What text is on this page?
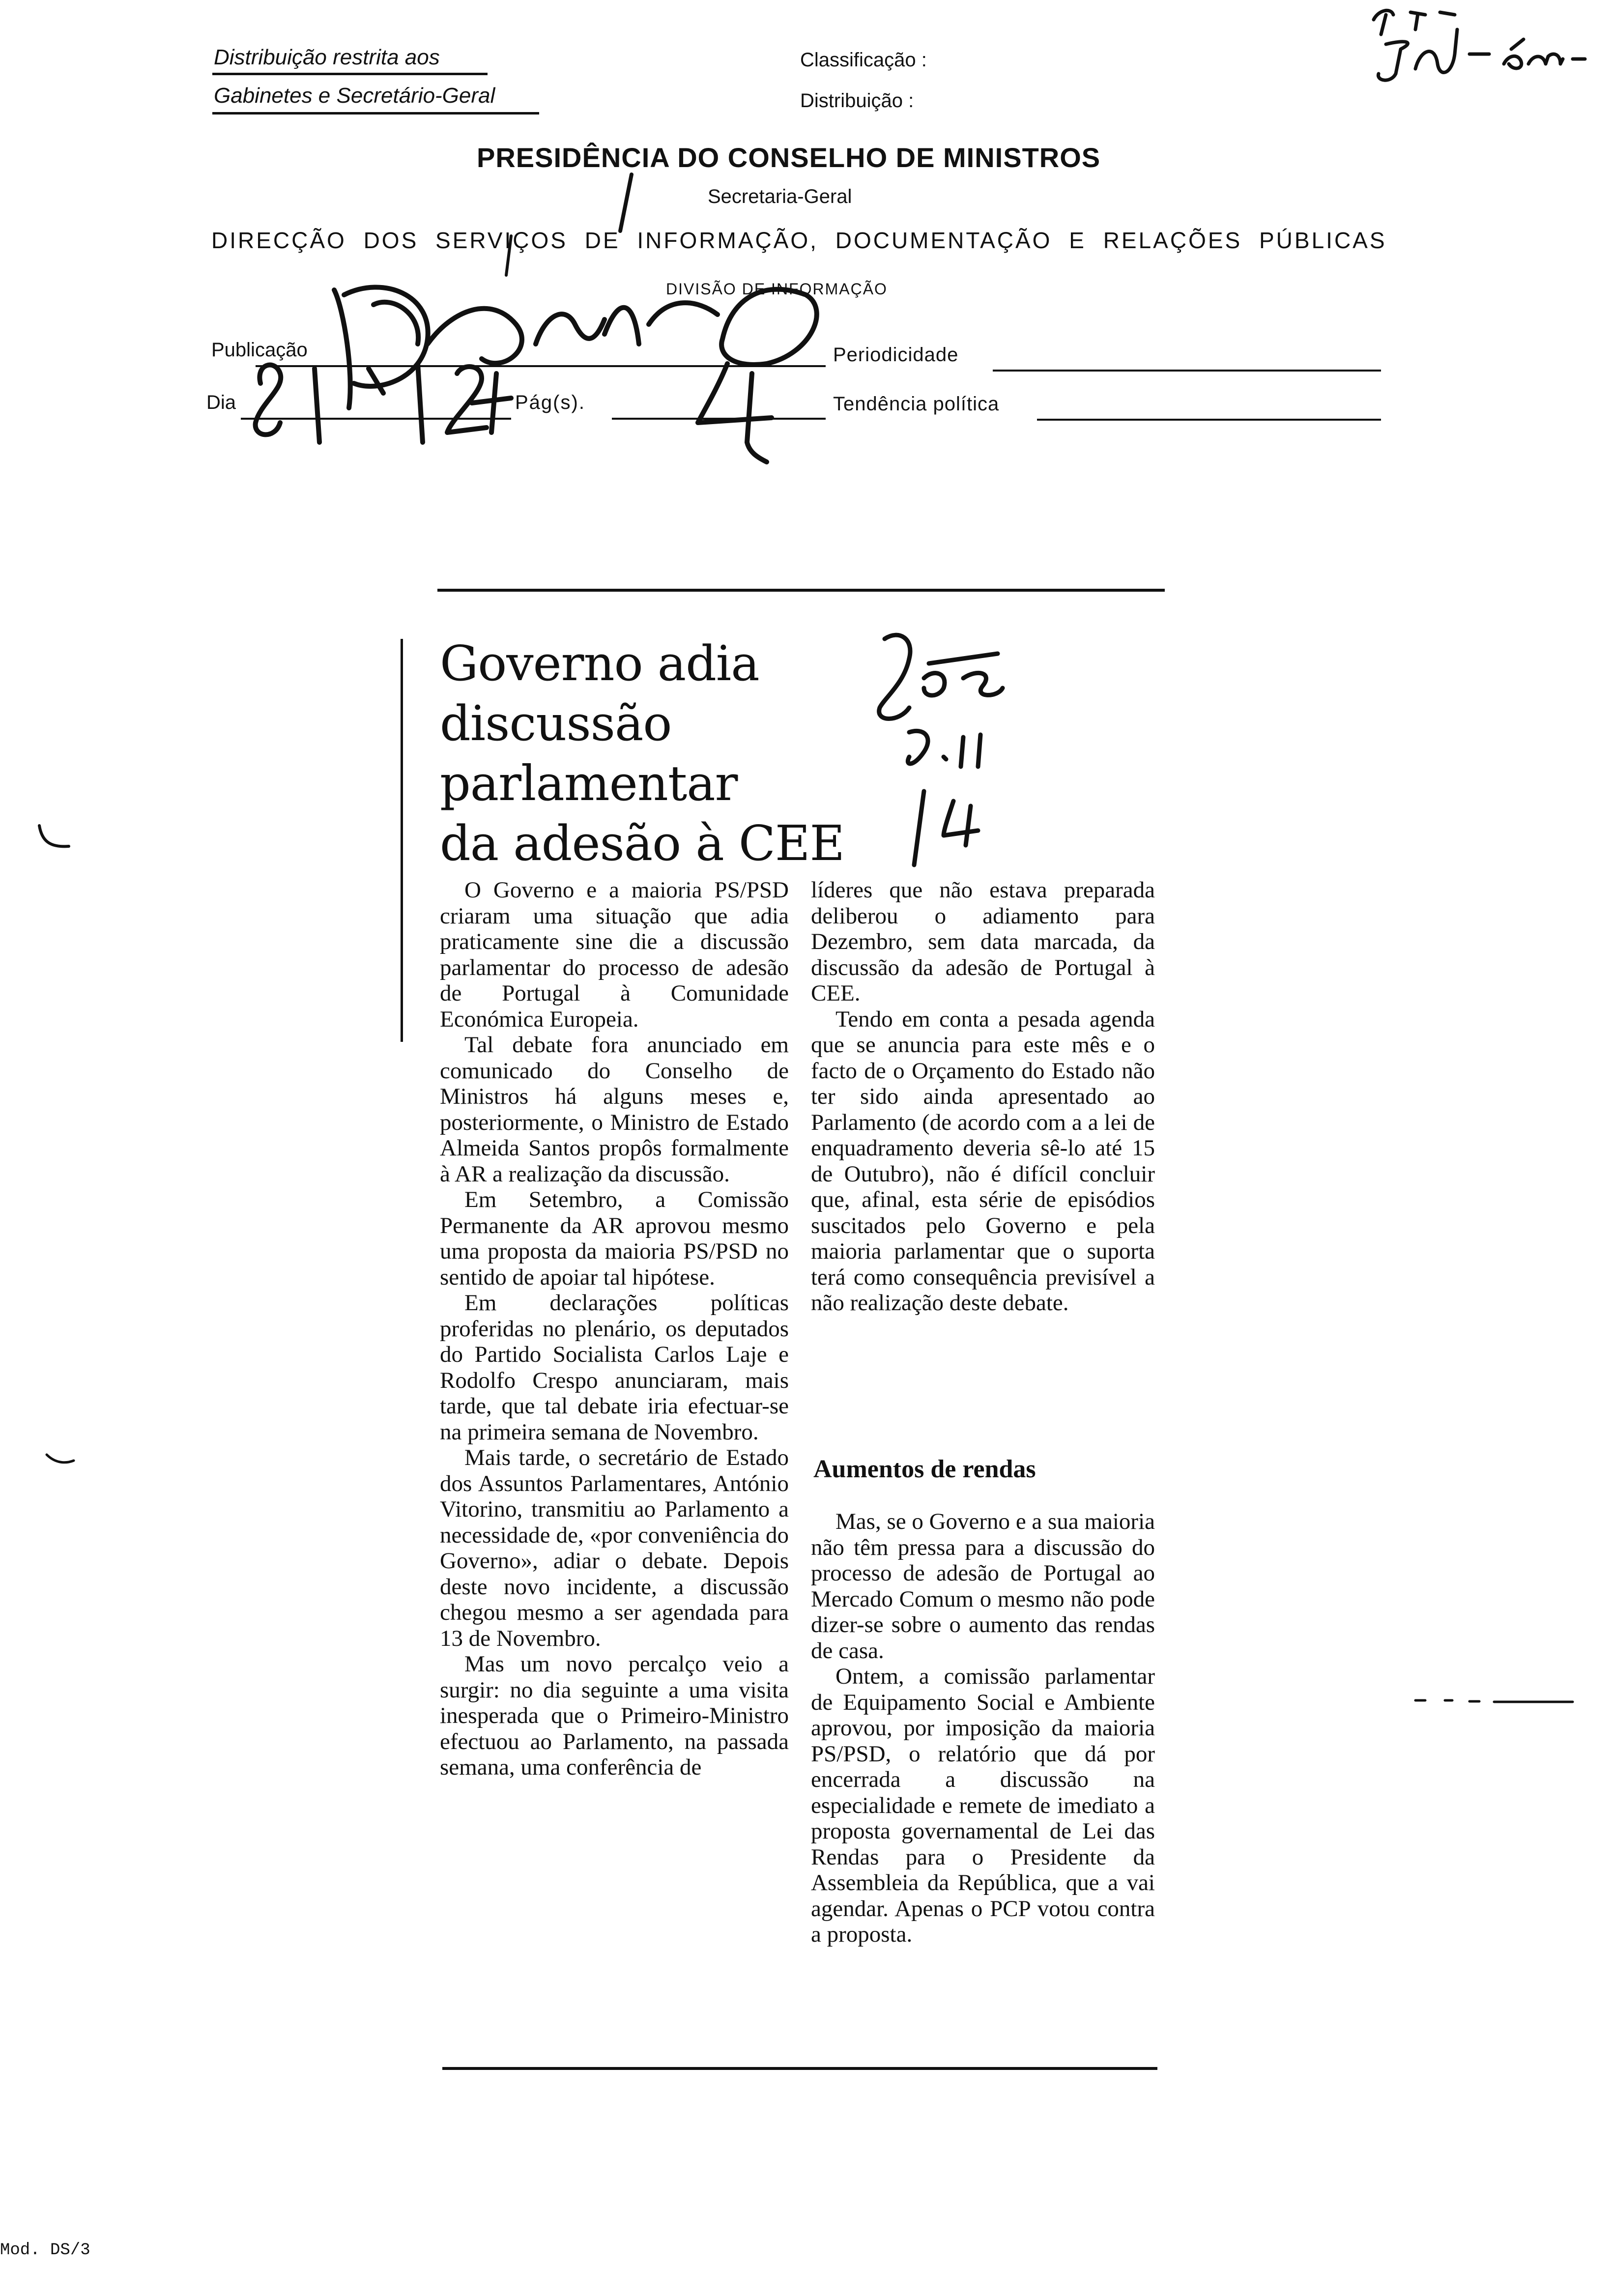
Distribuição restrita aos
Gabinetes e Secretário-Geral
Classificação :
Distribuição :
PRESIDÊNCIA DO CONSELHO DE MINISTROS
Secretaria-Geral
DIRECÇÃO DOS SERVIÇOS DE INFORMAÇÃO, DOCUMENTAÇÃO E RELAÇÕES PÚBLICAS
DIVISÃO DE INFORMAÇÃO
Publicação
Dia	Pág(s).
Periodicidade
Tendência política
Governo adia
discussão
parlamentar
da adesão à CEE

O Governo e a maioria PS/PSD criaram uma situação que adia praticamente sine die a discussão parlamentar do processo de adesão de Portugal à Comunidade Económica Europeia.

Tal debate fora anunciado em comunicado do Conselho de Ministros há alguns meses e, posteriormente, o Ministro de Estado Almeida Santos propôs formalmente à AR a realização da discussão.

Em Setembro, a Comissão Permanente da AR aprovou mesmo uma proposta da maioria PS/PSD no sentido de apoiar tal hipótese.

Em declarações políticas proferidas no plenário, os deputados do Partido Socialista Carlos Laje e Rodolfo Crespo anunciaram, mais tarde, que tal debate iria efectuar-se na primeira semana de Novembro.

Mais tarde, o secretário de Estado dos Assuntos Parlamentares, António Vitorino, transmitiu ao Parlamento a necessidade de, «por conveniência do Governo», adiar o debate. Depois deste novo incidente, a discussão chegou mesmo a ser agendada para 13 de Novembro.

Mas um novo percalço veio a surgir: no dia seguinte a uma visita inesperada que o Primeiro-Ministro efectuou ao Parlamento, na passada semana, uma conferência de

líderes que não estava preparada deliberou o adiamento para Dezembro, sem data marcada, da discussão da adesão de Portugal à CEE.

Tendo em conta a pesada agenda que se anuncia para este mês e o facto de o Orçamento do Estado não ter sido ainda apresentado ao Parlamento (de acordo com a a lei de enquadramento deveria sê-lo até 15 de Outubro), não é difícil concluir que, afinal, esta série de episódios suscitados pelo Governo e pela maioria parlamentar que o suporta terá como consequência previsível a não realização deste debate.

Aumentos de rendas

Mas, se o Governo e a sua maioria não têm pressa para a discussão do processo de adesão de Portugal ao Mercado Comum o mesmo não pode dizer-se sobre o aumento das rendas de casa.

Ontem, a comissão parlamentar de Equipamento Social e Ambiente aprovou, por imposição da maioria PS/PSD, o relatório que dá por encerrada a discussão na especialidade e remete de imediato a proposta governamental de Lei das Rendas para o Presidente da Assembleia da República, que a vai agendar. Apenas o PCP votou contra a proposta.

Mod. DS/3
